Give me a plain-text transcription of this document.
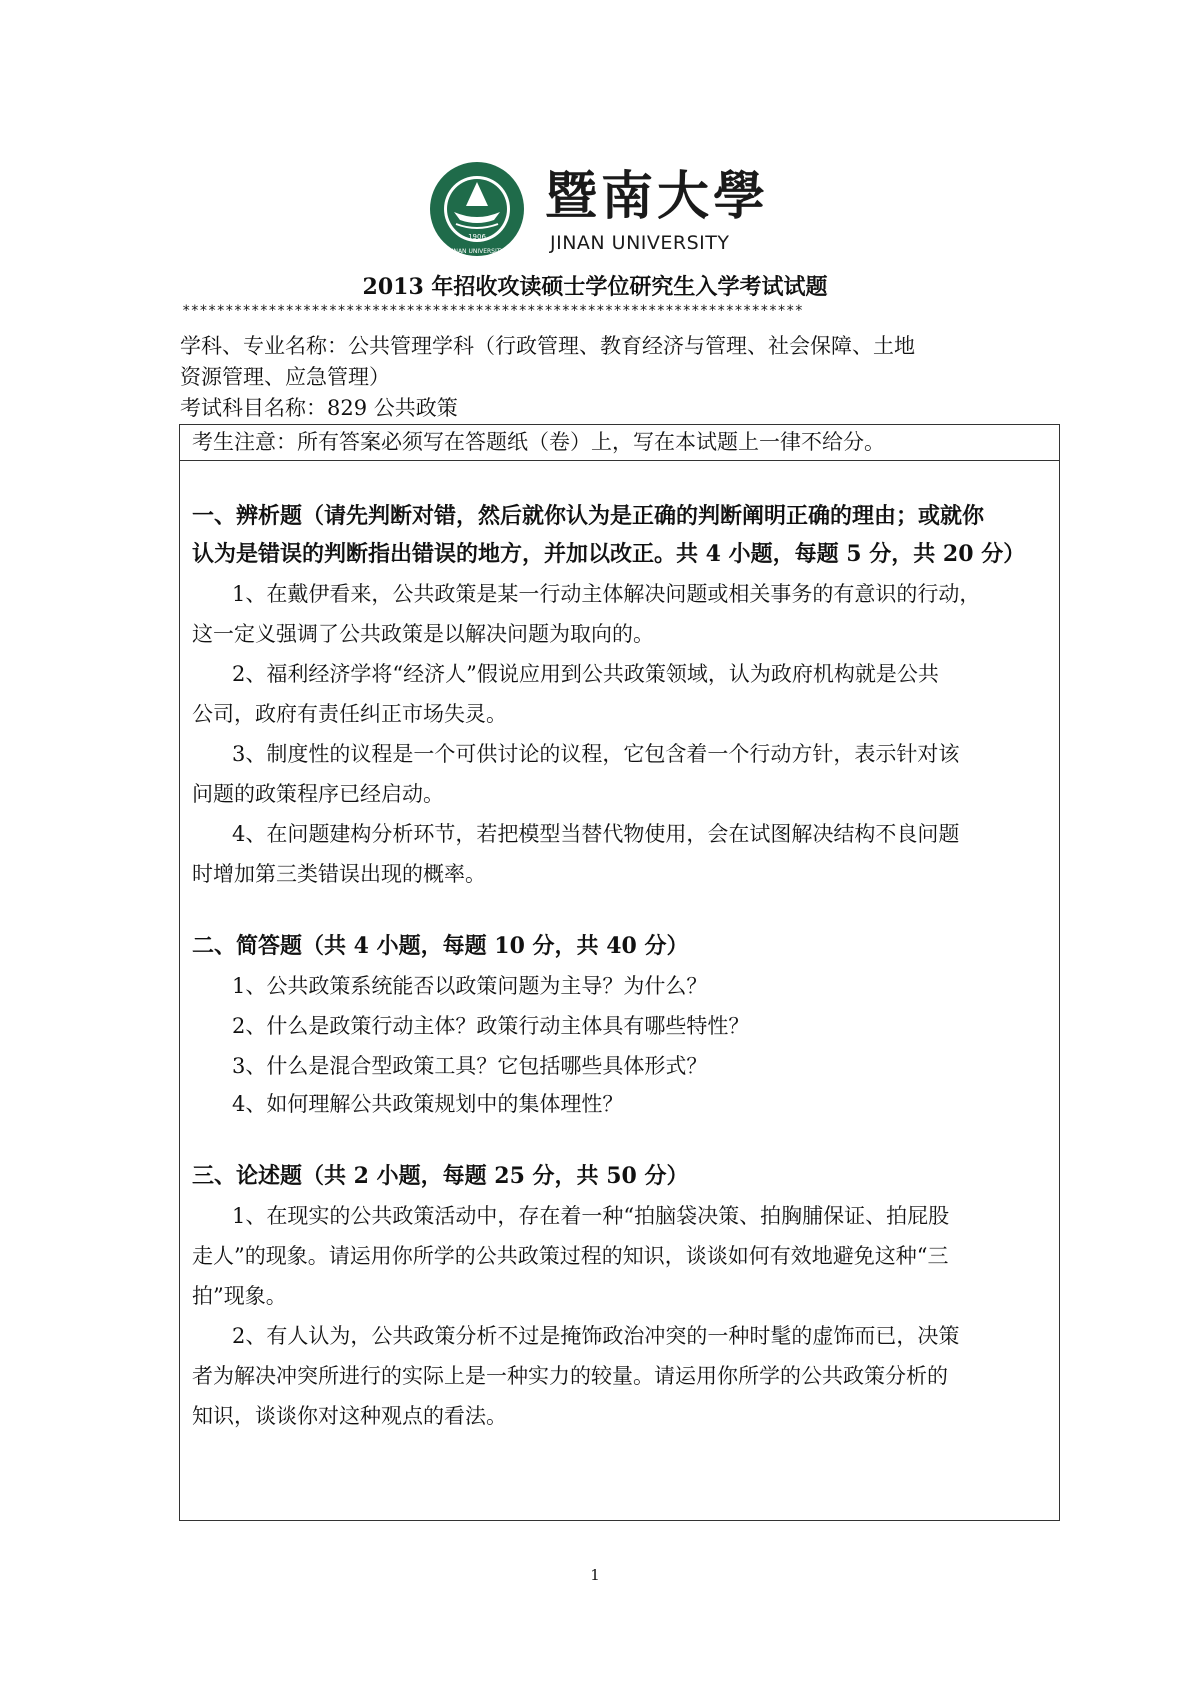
1906
JINAN UNIVERSITY
暨南大學
JINAN UNIVERSITY
2013 年招收攻读硕士学位研究生入学考试试题
************************************************************************
学科、专业名称：公共管理学科（行政管理、教育经济与管理、社会保障、土地
资源管理、应急管理）
考试科目名称：829 公共政策
考生注意：所有答案必须写在答题纸（卷）上，写在本试题上一律不给分。
一、辨析题（请先判断对错，然后就你认为是正确的判断阐明正确的理由；或就你
认为是错误的判断指出错误的地方，并加以改正。共 4 小题，每题 5 分，共 20 分）
1、在戴伊看来，公共政策是某一行动主体解决问题或相关事务的有意识的行动，
这一定义强调了公共政策是以解决问题为取向的。
2、福利经济学将“经济人”假说应用到公共政策领域，认为政府机构就是公共
公司，政府有责任纠正市场失灵。
3、制度性的议程是一个可供讨论的议程，它包含着一个行动方针，表示针对该
问题的政策程序已经启动。
4、在问题建构分析环节，若把模型当替代物使用，会在试图解决结构不良问题
时增加第三类错误出现的概率。
二、简答题（共 4 小题，每题 10 分，共 40 分）
1、公共政策系统能否以政策问题为主导？为什么？
2、什么是政策行动主体？政策行动主体具有哪些特性？
3、什么是混合型政策工具？它包括哪些具体形式？
4、如何理解公共政策规划中的集体理性？
三、论述题（共 2 小题，每题 25 分，共 50 分）
1、在现实的公共政策活动中，存在着一种“拍脑袋决策、拍胸脯保证、拍屁股
走人”的现象。请运用你所学的公共政策过程的知识，谈谈如何有效地避免这种“三
拍”现象。
2、有人认为，公共政策分析不过是掩饰政治冲突的一种时髦的虚饰而已，决策
者为解决冲突所进行的实际上是一种实力的较量。请运用你所学的公共政策分析的
知识，谈谈你对这种观点的看法。
1
